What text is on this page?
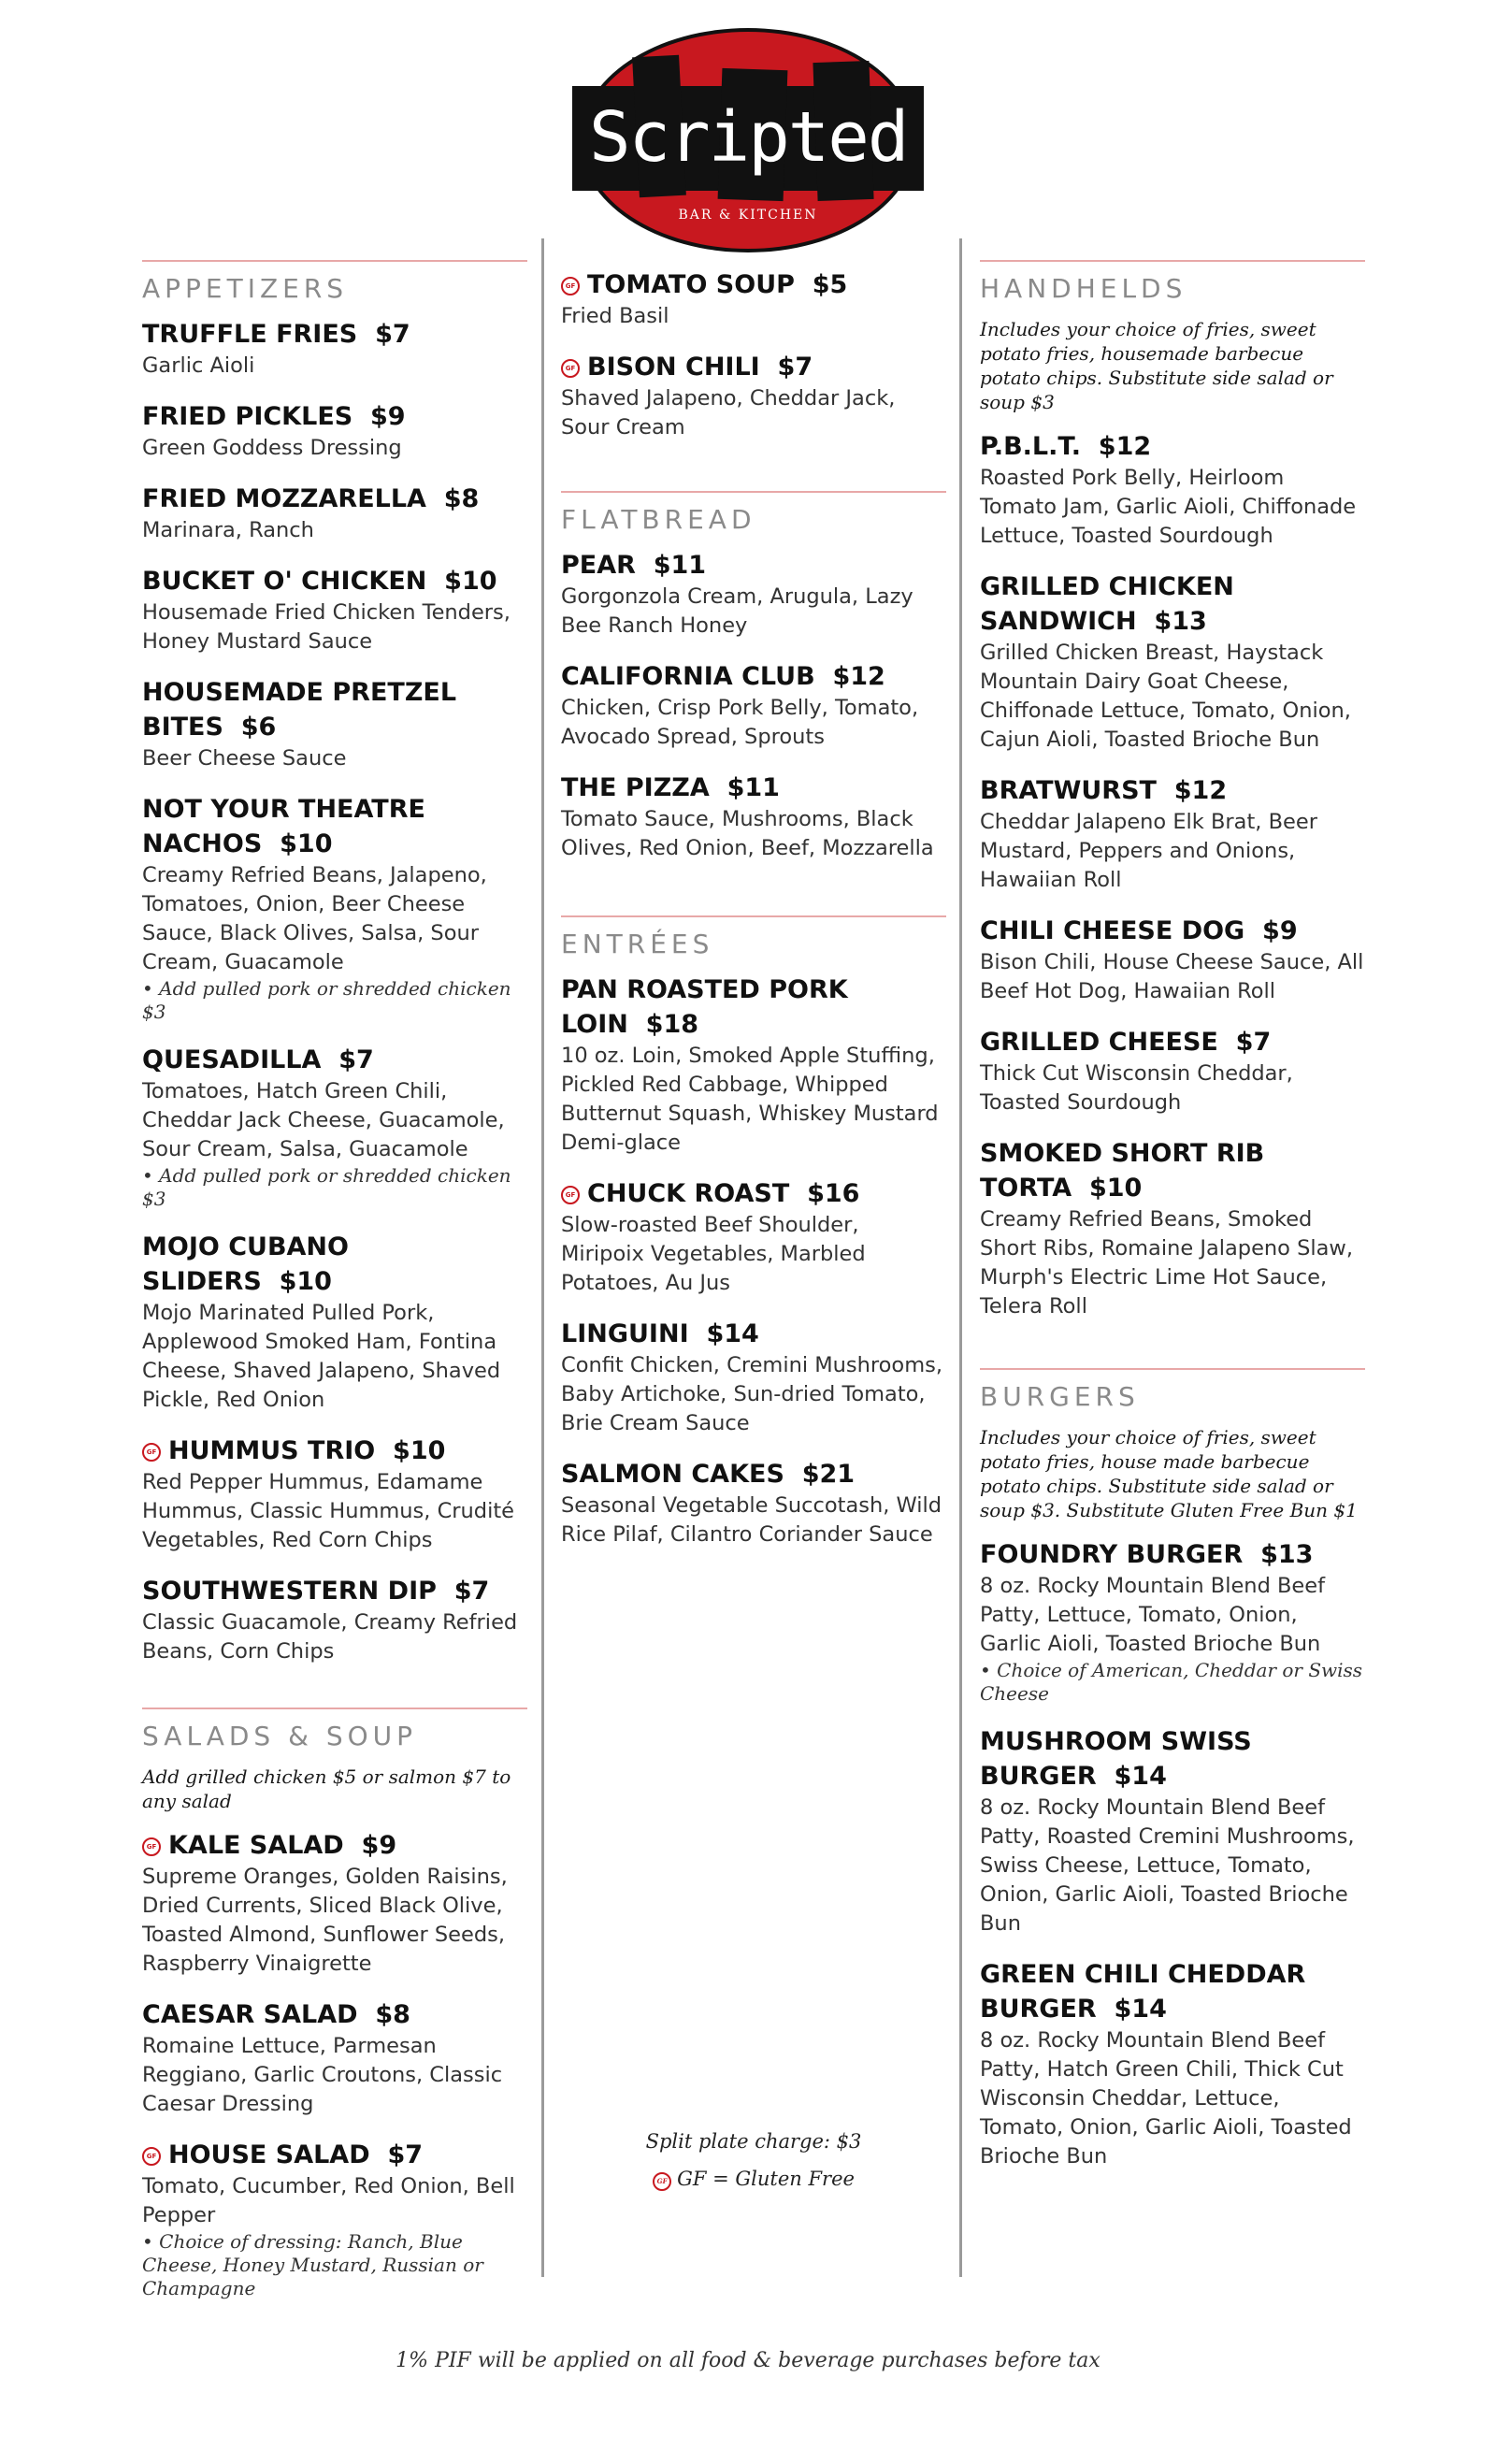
Scripted
BAR & KITCHEN
APPETIZERS
TRUFFLE FRIES $7
Garlic Aioli
FRIED PICKLES $9
Green Goddess Dressing
FRIED MOZZARELLA $8
Marinara, Ranch
BUCKET O' CHICKEN $10
Housemade Fried Chicken Tenders, Honey Mustard Sauce
HOUSEMADE PRETZEL BITES $6
Beer Cheese Sauce
NOT YOUR THEATRE NACHOS $10
Creamy Refried Beans, Jalapeno, Tomatoes, Onion, Beer Cheese Sauce, Black Olives, Salsa, Sour Cream, Guacamole
• Add pulled pork or shredded chicken $3
QUESADILLA $7
Tomatoes, Hatch Green Chili, Cheddar Jack Cheese, Guacamole, Sour Cream, Salsa, Guacamole
• Add pulled pork or shredded chicken $3
MOJO CUBANO SLIDERS $10
Mojo Marinated Pulled Pork, Applewood Smoked Ham, Fontina Cheese, Shaved Jalapeno, Shaved Pickle, Red Onion
GF HUMMUS TRIO $10
Red Pepper Hummus, Edamame Hummus, Classic Hummus, Crudité Vegetables, Red Corn Chips
SOUTHWESTERN DIP $7
Classic Guacamole, Creamy Refried Beans, Corn Chips
SALADS & SOUP
Add grilled chicken $5 or salmon $7 to any salad
GF KALE SALAD $9
Supreme Oranges, Golden Raisins, Dried Currents, Sliced Black Olive, Toasted Almond, Sunflower Seeds, Raspberry Vinaigrette
CAESAR SALAD $8
Romaine Lettuce, Parmesan Reggiano, Garlic Croutons, Classic Caesar Dressing
GF HOUSE SALAD $7
Tomato, Cucumber, Red Onion, Bell Pepper
• Choice of dressing: Ranch, Blue Cheese, Honey Mustard, Russian or Champagne
GF TOMATO SOUP $5
Fried Basil
GF BISON CHILI $7
Shaved Jalapeno, Cheddar Jack, Sour Cream
FLATBREAD
PEAR $11
Gorgonzola Cream, Arugula, Lazy Bee Ranch Honey
CALIFORNIA CLUB $12
Chicken, Crisp Pork Belly, Tomato, Avocado Spread, Sprouts
THE PIZZA $11
Tomato Sauce, Mushrooms, Black Olives, Red Onion, Beef, Mozzarella
ENTRÉES
PAN ROASTED PORK LOIN $18
10 oz. Loin, Smoked Apple Stuffing, Pickled Red Cabbage, Whipped Butternut Squash, Whiskey Mustard Demi-glace
GF CHUCK ROAST $16
Slow-roasted Beef Shoulder, Miripoix Vegetables, Marbled Potatoes, Au Jus
LINGUINI $14
Confit Chicken, Cremini Mushrooms, Baby Artichoke, Sun-dried Tomato, Brie Cream Sauce
SALMON CAKES $21
Seasonal Vegetable Succotash, Wild Rice Pilaf, Cilantro Coriander Sauce
HANDHELDS
Includes your choice of fries, sweet potato fries, housemade barbecue potato chips. Substitute side salad or soup $3
P.B.L.T. $12
Roasted Pork Belly, Heirloom Tomato Jam, Garlic Aioli, Chiffonade Lettuce, Toasted Sourdough
GRILLED CHICKEN SANDWICH $13
Grilled Chicken Breast, Haystack Mountain Dairy Goat Cheese, Chiffonade Lettuce, Tomato, Onion, Cajun Aioli, Toasted Brioche Bun
BRATWURST $12
Cheddar Jalapeno Elk Brat, Beer Mustard, Peppers and Onions, Hawaiian Roll
CHILI CHEESE DOG $9
Bison Chili, House Cheese Sauce, All Beef Hot Dog, Hawaiian Roll
GRILLED CHEESE $7
Thick Cut Wisconsin Cheddar, Toasted Sourdough
SMOKED SHORT RIB TORTA $10
Creamy Refried Beans, Smoked Short Ribs, Romaine Jalapeno Slaw, Murph's Electric Lime Hot Sauce, Telera Roll
BURGERS
Includes your choice of fries, sweet potato fries, house made barbecue potato chips. Substitute side salad or soup $3. Substitute Gluten Free Bun $1
FOUNDRY BURGER $13
8 oz. Rocky Mountain Blend Beef Patty, Lettuce, Tomato, Onion, Garlic Aioli, Toasted Brioche Bun
• Choice of American, Cheddar or Swiss Cheese
MUSHROOM SWISS BURGER $14
8 oz. Rocky Mountain Blend Beef Patty, Roasted Cremini Mushrooms, Swiss Cheese, Lettuce, Tomato, Onion, Garlic Aioli, Toasted Brioche Bun
GREEN CHILI CHEDDAR BURGER $14
8 oz. Rocky Mountain Blend Beef Patty, Hatch Green Chili, Thick Cut Wisconsin Cheddar, Lettuce, Tomato, Onion, Garlic Aioli, Toasted Brioche Bun
Split plate charge: $3
GF GF = Gluten Free
1% PIF will be applied on all food & beverage purchases before tax
